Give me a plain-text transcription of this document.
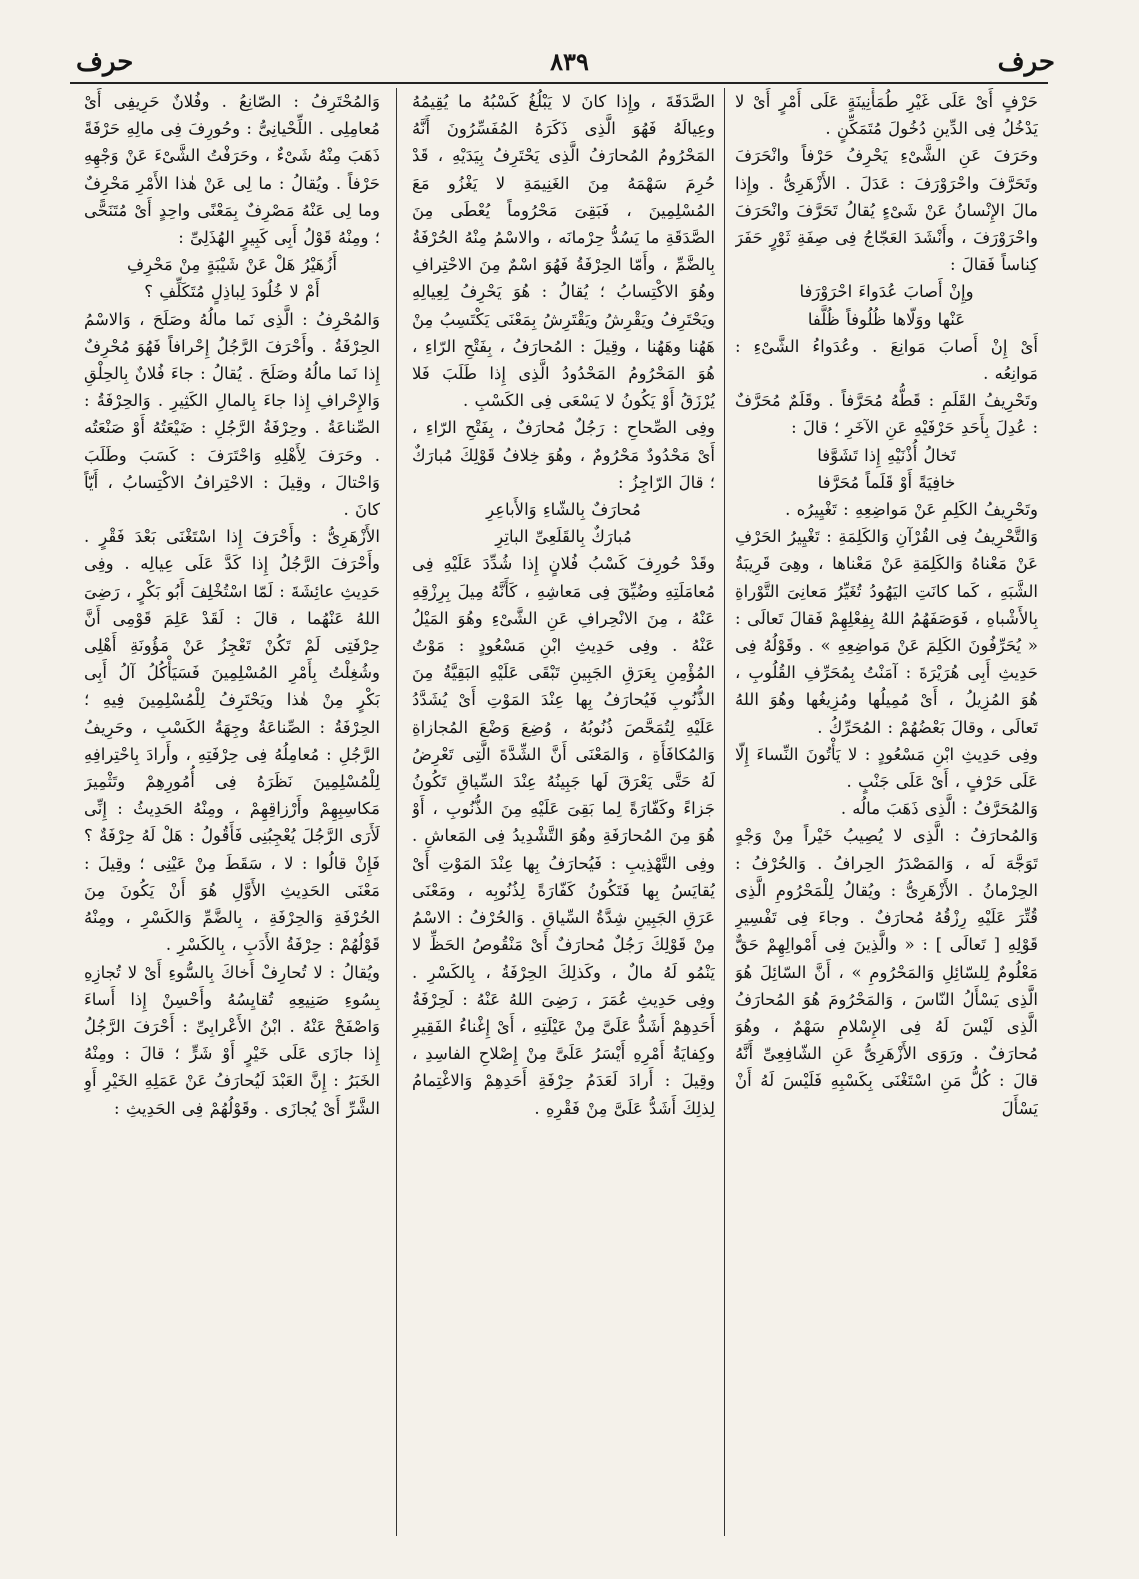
حرف
٨٣٩
حرف

حَرْفٍ أَىْ عَلَى غَيْرِ طُمَأْنِينَةٍ عَلَى أَمْرٍ أَىْ لا يَدْخُلُ فِى الدِّينِ دُخُولَ مُتَمَكِّنٍ .

وحَرَفَ عَنِ الشَّىْءِ يَحْرِفُ حَرْفاً وانْحَرَفَ وتَحَرَّفَ واحْرَوْرَفَ : عَدَلَ . الأَزْهَرِىُّ . وإِذا مالَ الإِنْسانُ عَنْ شَىْءٍ يُقالُ تَحَرَّفَ وانْحَرَفَ واحْرَوْرَفَ ، وأَنْشَدَ العَجّاجُ فِى صِفَةِ ثَوْرٍ حَفَرَ كِناساً فَقالَ :

وإِنْ أَصابَ عُدَواءَ احْرَوْرَفا

عَنْها ووَلّاها ظُلُوفاً ظُلَّفا

أَىْ إِنْ أَصابَ مَوانِعَ . وعُدَواءُ الشَّىْءِ : مَوانِعُه .

وتَحْرِيفُ القَلَمِ : قَطُّهُ مُحَرَّفاً . وقَلَمٌ مُحَرَّفٌ : عُدِلَ بِأَحَدِ حَرْفَيْهِ عَنِ الآخَرِ ؛ قالَ :

تَخالُ أُذْنَيْهِ إِذا تَشَوَّفا

خافِيَةً أَوْ قَلَماً مُحَرَّفا

وتَحْرِيفُ الكَلِمِ عَنْ مَواضِعِهِ : تَغْيِيرُه .

وَالتَّحْرِيفُ فِى القُرْآنِ وَالكَلِمَةِ : تَغْيِيرُ الحَرْفِ عَنْ مَعْناهُ وَالكَلِمَةِ عَنْ مَعْناها ، وهِىَ قَرِيبَةُ الشَّبَهِ ، كَما كانَتِ اليَهُودُ تُغَيِّرُ مَعانِىَ التَّوْراةِ بِالأَشْباهِ ، فَوَصَفَهُمُ اللهُ بِفِعْلِهِمْ فَقالَ تَعالَى : « يُحَرِّفُونَ الكَلِمَ عَنْ مَواضِعِهِ » . وقَوْلُهُ فِى حَدِيثِ أَبِى هُرَيْرَةَ : آمَنْتُ بِمُحَرِّفِ القُلُوبِ ، هُوَ المُزِيلُ ، أَىْ مُمِيلُها ومُزِيغُها وهُوَ اللهُ تَعالَى ، وقالَ بَعْضُهُمْ : المُحَرِّكُ .

وفِى حَدِيثِ ابْنِ مَسْعُودٍ : لا يَأْتُونَ النِّساءَ إِلّا عَلَى حَرْفٍ ، أَىْ عَلَى جَنْبٍ .

وَالمُحَرَّفُ : الَّذِى ذَهَبَ مالُه .

وَالمُحارَفُ : الَّذِى لا يُصِيبُ خَيْراً مِنْ وَجْهٍ تَوَجَّهَ لَه ، وَالمَصْدَرُ الحِرافُ . وَالحُرْفُ : الحِرْمانُ . الأَزْهَرِىُّ : ويُقالُ لِلْمَحْرُومِ الَّذِى قُتِّرَ عَلَيْهِ رِزْقُهُ مُحارَفٌ . وجاءَ فِى تَفْسِيرِ قَوْلِهِ [ تَعالَى ] : « والَّذِينَ فِى أَمْوالِهِمْ حَقٌّ مَعْلُومٌ لِلسّائِلِ وَالمَحْرُومِ » ، أَنَّ السّائِلَ هُوَ الَّذِى يَسْأَلُ النّاسَ ، وَالمَحْرُومَ هُوَ المُحارَفُ الَّذِى لَيْسَ لَهُ فِى الإِسْلامِ سَهْمٌ ، وهُوَ مُحارَفٌ . ورَوَى الأَزْهَرِىُّ عَنِ الشّافِعِىِّ أَنَّهُ قالَ : كُلُّ مَنِ اسْتَغْنَى بِكَسْبِهِ فَلَيْسَ لَهُ أَنْ يَسْأَلَ

الصَّدَقَةَ ، وإِذا كانَ لا يَبْلُغُ كَسْبُهُ ما يُقِيمُهُ وعِيالَهُ فَهُوَ الَّذِى ذَكَرَهُ المُفَسِّرُونَ أَنَّهُ المَحْرُومُ المُحارَفُ الَّذِى يَحْتَرِفُ بِيَدَيْهِ ، قَدْ حُرِمَ سَهْمَهُ مِنَ الغَنِيمَةِ لا يَغْزُو مَعَ المُسْلِمِينَ ، فَبَقِىَ مَحْرُوماً يُعْطَى مِنَ الصَّدَقَةِ ما يَسُدُّ حِرْمانَه ، والاسْمُ مِنْهُ الحُرْفَةُ بِالضَّمِّ ، وأَمّا الحِرْفَةُ فَهُوَ اسْمٌ مِنَ الاحْتِرافِ وهُوَ الاكْتِسابُ ؛ يُقالُ : هُوَ يَحْرِفُ لِعِيالِهِ ويَحْتَرِفُ ويَقْرِشُ ويَقْتَرِشُ بِمَعْنَى يَكْتَسِبُ مِنْ هَهُنا وهَهُنا ، وقِيلَ : المُحارَفُ ، بِفَتْحِ الرّاءِ ، هُوَ المَحْرُومُ المَحْدُودُ الَّذِى إِذا طَلَبَ فَلا يُرْزَقُ أَوْ يَكُونُ لا يَسْعَى فِى الكَسْبِ .

وفِى الصِّحاحِ : رَجُلٌ مُحارَفٌ ، بِفَتْحِ الرّاءِ ، أَىْ مَحْدُودٌ مَحْرُومٌ ، وهُوَ خِلافُ قَوْلِكَ مُبارَكٌ ؛ قالَ الرّاجِزُ :

مُحارَفٌ بِالشّاءِ وَالأَباعِرِ

مُبارَكٌ بِالقَلَعِىِّ الباتِرِ

وقَدْ حُورِفَ كَسْبُ فُلانٍ إِذا شُدِّدَ عَلَيْهِ فِى مُعامَلَتِهِ وضُيِّقَ فِى مَعاشِهِ ، كَأَنَّهُ مِيلَ بِرِزْقِهِ عَنْهُ ، مِنَ الانْحِرافِ عَنِ الشَّىْءِ وهُوَ المَيْلُ عَنْهُ . وفِى حَدِيثِ ابْنِ مَسْعُودٍ : مَوْتُ المُؤْمِنِ بِعَرَقِ الجَبِينِ تَبْقَى عَلَيْهِ البَقِيَّةُ مِنَ الذُّنُوبِ فَيُحارَفُ بِها عِنْدَ المَوْتِ أَىْ يُشَدَّدُ عَلَيْهِ لِتُمَحَّصَ ذُنُوبُهُ ، وُضِعَ وَضْعَ المُجازاةِ وَالمُكافَأَةِ ، وَالمَعْنَى أَنَّ الشِّدَّةَ الَّتِى تَعْرِضُ لَهُ حَتَّى يَعْرَقَ لَها جَبِينُهُ عِنْدَ السِّياقِ تَكُونُ جَزاءً وكَفّارَةً لِما بَقِىَ عَلَيْهِ مِنَ الذُّنُوبِ ، أَوْ هُوَ مِنَ المُحارَفَةِ وهُوَ التَّشْدِيدُ فِى المَعاشِ . وفِى التَّهْذِيبِ : فَيُحارَفُ بِها عِنْدَ المَوْتِ أَىْ يُقايَسُ بِها فَتَكُونُ كَفّارَةً لِذُنُوبِه ، ومَعْنَى عَرَقِ الجَبِينِ شِدَّةُ السِّياقِ . وَالحُرْفُ : الاسْمُ مِنْ قَوْلِكَ رَجُلٌ مُحارَفٌ أَىْ مَنْقُوصُ الحَظِّ لا يَنْمُو لَهُ مالٌ ، وكَذلِكَ الحِرْفَةُ ، بِالكَسْرِ . وفِى حَدِيثِ عُمَرَ ، رَضِىَ اللهُ عَنْهُ : لَحِرْفَةُ أَحَدِهِمْ أَشَدُّ عَلَىَّ مِنْ عَيْلَتِهِ ، أَىْ إِغْناءُ الفَقِيرِ وكِفايَةُ أَمْرِهِ أَيْسَرُ عَلَىَّ مِنْ إِصْلاحِ الفاسِدِ ، وقِيلَ : أَرادَ لَعَدَمُ حِرْفَةِ أَحَدِهِمْ وَالاغْتِمامُ لِذلِكَ أَشَدُّ عَلَىَّ مِنْ فَقْرِهِ .

وَالمُحْتَرِفُ : الصّانِعُ . وفُلانٌ حَرِيفِى أَىْ مُعامِلِى . اللِّحْيانِىُّ : وحُورِفَ فِى مالِهِ حَرْفَةً ذَهَبَ مِنْهُ شَىْءٌ ، وحَرَفْتُ الشَّىْءَ عَنْ وَجْهِهِ حَرْفاً . ويُقالُ : ما لِى عَنْ هٰذا الأَمْرِ مَحْرِفٌ وما لِى عَنْهُ مَصْرِفٌ بِمَعْنًى واحِدٍ أَىْ مُتَنَحًّى ؛ ومِنْهُ قَوْلُ أَبِى كَبِيرٍ الهُذَلِىِّ :

أَزُهَيْرُ هَلْ عَنْ شَيْبَةٍ مِنْ مَحْرِفِ

أَمْ لا خُلُودَ لِباذِلٍ مُتَكَلِّفِ ؟

وَالمُحْرِفُ : الَّذِى نَما مالُهُ وصَلَحَ ، وَالاسْمُ الحِرْفَةُ . وأَحْرَفَ الرَّجُلُ إِحْرافاً فَهُوَ مُحْرِفٌ إِذا نَما مالُهُ وصَلَحَ . يُقالُ : جاءَ فُلانٌ بِالحِلْقِ وَالإِحْرافِ إِذا جاءَ بِالمالِ الكَثِيرِ . وَالحِرْفَةُ : الصِّناعَةُ . وحِرْفَةُ الرَّجُلِ : ضَيْعَتُهُ أَوْ صَنْعَتُه . وحَرَفَ لِأَهْلِهِ وَاحْتَرَفَ : كَسَبَ وطَلَبَ وَاحْتالَ ، وقِيلَ : الاحْتِرافُ الاكْتِسابُ ، أَيّاً كانَ .

الأَزْهَرِىُّ : وأَحْرَفَ إِذا اسْتَغْنَى بَعْدَ فَقْرٍ . وأَحْرَفَ الرَّجُلُ إِذا كَدَّ عَلَى عِيالِه . وفِى حَدِيثِ عائِشَةَ : لَمّا اسْتُخْلِفَ أَبُو بَكْرٍ ، رَضِىَ اللهُ عَنْهُما ، قالَ : لَقَدْ عَلِمَ قَوْمِى أَنَّ حِرْفَتِى لَمْ تَكُنْ تَعْجِزُ عَنْ مَؤُونَةِ أَهْلِى وشُغِلْتُ بِأَمْرِ المُسْلِمِينَ فَسَيَأْكُلُ آلُ أَبِى بَكْرٍ مِنْ هٰذا ويَحْتَرِفُ لِلْمُسْلِمِينَ فِيهِ ؛ الحِرْفَةُ : الصِّناعَةُ وجِهَةُ الكَسْبِ ، وحَرِيفُ الرَّجُلِ : مُعامِلُهُ فِى حِرْفَتِهِ ، وأَرادَ بِاحْتِرافِهِ لِلْمُسْلِمِينَ نَظَرَهُ فِى أُمُورِهِمْ وتَثْمِيرَ مَكاسِبِهِمْ وأَرْزاقِهِمْ ، ومِنْهُ الحَدِيثُ : إِنِّى لَأَرَى الرَّجُلَ يُعْجِبُنِى فَأَقُولُ : هَلْ لَهُ حِرْفَةٌ ؟ فَإِنْ قالُوا : لا ، سَقَطَ مِنْ عَيْنِى ؛ وقِيلَ : مَعْنَى الحَدِيثِ الأَوَّلِ هُوَ أَنْ يَكُونَ مِنَ الحُرْفَةِ وَالحِرْفَةِ ، بِالضَّمِّ وَالكَسْرِ ، ومِنْهُ قَوْلُهُمْ : حِرْفَةُ الأَدَبِ ، بِالكَسْرِ .

ويُقالُ : لا تُحارِفْ أَخاكَ بِالسُّوءِ أَىْ لا تُجازِهِ بِسُوءِ صَنِيعِهِ تُقايِسُهُ وأَحْسِنْ إِذا أَساءَ وَاصْفَحْ عَنْهُ . ابْنُ الأَعْرابِىِّ : أَحْرَفَ الرَّجُلُ إِذا جازَى عَلَى خَيْرٍ أَوْ شَرٍّ ؛ قالَ : ومِنْهُ الخَبَرُ : إِنَّ العَبْدَ لَيُحارَفُ عَنْ عَمَلِهِ الخَيْرِ أَوِ الشَّرِّ أَىْ يُجازَى . وقَوْلُهُمْ فِى الحَدِيثِ :
